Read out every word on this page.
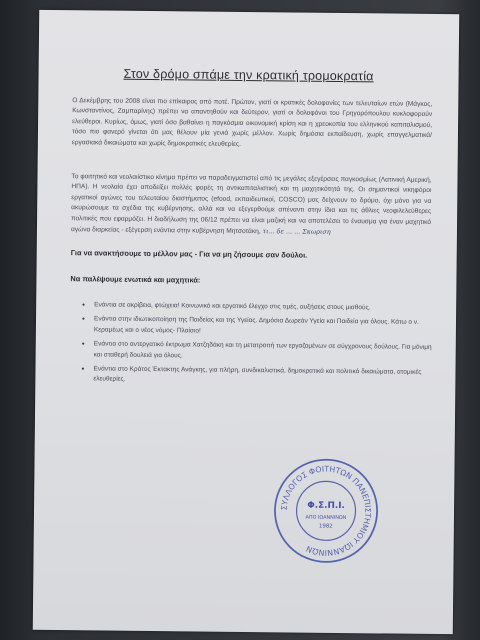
Στον δρόμο σπάμε την κρατική τρομοκρατία
Ο Δεκέμβρης του 2008 είναι πιο επίκαιρος από ποτέ. Πρώτον, γιατί οι κρατικές δολοφονίες των τελευταίων ετών (Μάγκος, Κωνσταντίνος, Ζαμπαρίνης) πρέπει να απαντηθούν και δεύτερον, γιατί οι δολοφόνοι του Γρηγορόπουλου κυκλοφορούν ελεύθεροι. Κυρίως, όμως, γιατί όσο βαθαίνει η παγκόσμια οικονομική κρίση και η χρεοκοπία του ελληνικού καπιταλισμού, τόσο πιο φανερό γίνεται ότι μας θέλουν μία γενιά χωρίς μέλλον. Χωρίς δημόσια εκπαίδευση, χωρίς επαγγελματικά/εργασιακά δικαιώματα και χωρίς δημοκρατικές ελευθερίες.
Το φοιτητικό και νεολαιίστικο κίνημα πρέπει να παραδειγματιστεί από τις μεγάλες εξεγέρσεις παγκοσμίως (Λατινική Αμερική, ΗΠΑ). Η νεολαία έχει αποδείξει πολλές φορές τη αντικαπιταλιστική και τη μαχητικότητά της. Οι σημαντικοί νικηφόροι εργατικοί αγώνες του τελευταίου διαστήματος (efood, εκπαιδευτικοί, COSCO) μας δείχνουν το δρόμο, όχι μόνο για να ακυρώσουμε τα σχέδια της κυβέρνησης, αλλά και να εξεγερθούμε απέναντι στην ίδια και τις άθλιες νεοφιλελεύθερες πολιτικές που εφαρμόζει. Η διαδήλωση της 06/12 πρέπει να είναι μαζική και να αποτελέσει το έναυσμα για έναν μαχητικό αγώνα διαρκείας - εξέγερση ενάντια στην κυβέρνηση Μητσοτάκη, τι... δε ... ... Σκωριση
Για να ανακτήσουμε το μέλλον μας - Για να μη ζήσουμε σαν δούλοι.
Να παλέψουμε ενωτικά και μαχητικά:
• Ενάντια σε ακρίβεια, φτώχεια! Κοινωνικό και εργατικό έλεγχο στις τιμές, αυξήσεις στους μισθούς.
• Ενάντια στην ιδιωτικοποίηση της Παιδείας και της Υγείας. Δημόσια Δωρεάν Υγεία και Παιδεία για όλους. Κάτω ο ν. Κεραμέως και ο νέος νόμος- Πλαίσιο!
• Ενάντια στο αντεργατικό έκτρωμα Χατζηδάκη και τη μετατροπή των εργαζομένων σε σύγχρονους δούλους. Για μόνιμη και σταθερή δουλειά για όλους.
• Ενάντια στο Κράτος Έκτακτης Ανάγκης, για πλήρη, συνδικαλιστικά, δημοκρατικά και πολιτικά δικαιώματα, ατομικές ελευθερίες.
ΣΥΛΛΟΓΟΣ ΦΟΙΤΗΤΩΝ ΠΑΝΕΠΙΣΤΗΜΙΟΥ ΙΩΑΝΝΙΝΩΝ
Φ.Σ.Π.Ι.
ΑΠΟ ΙΩΑΝΝΙΝΩΝ
1982
